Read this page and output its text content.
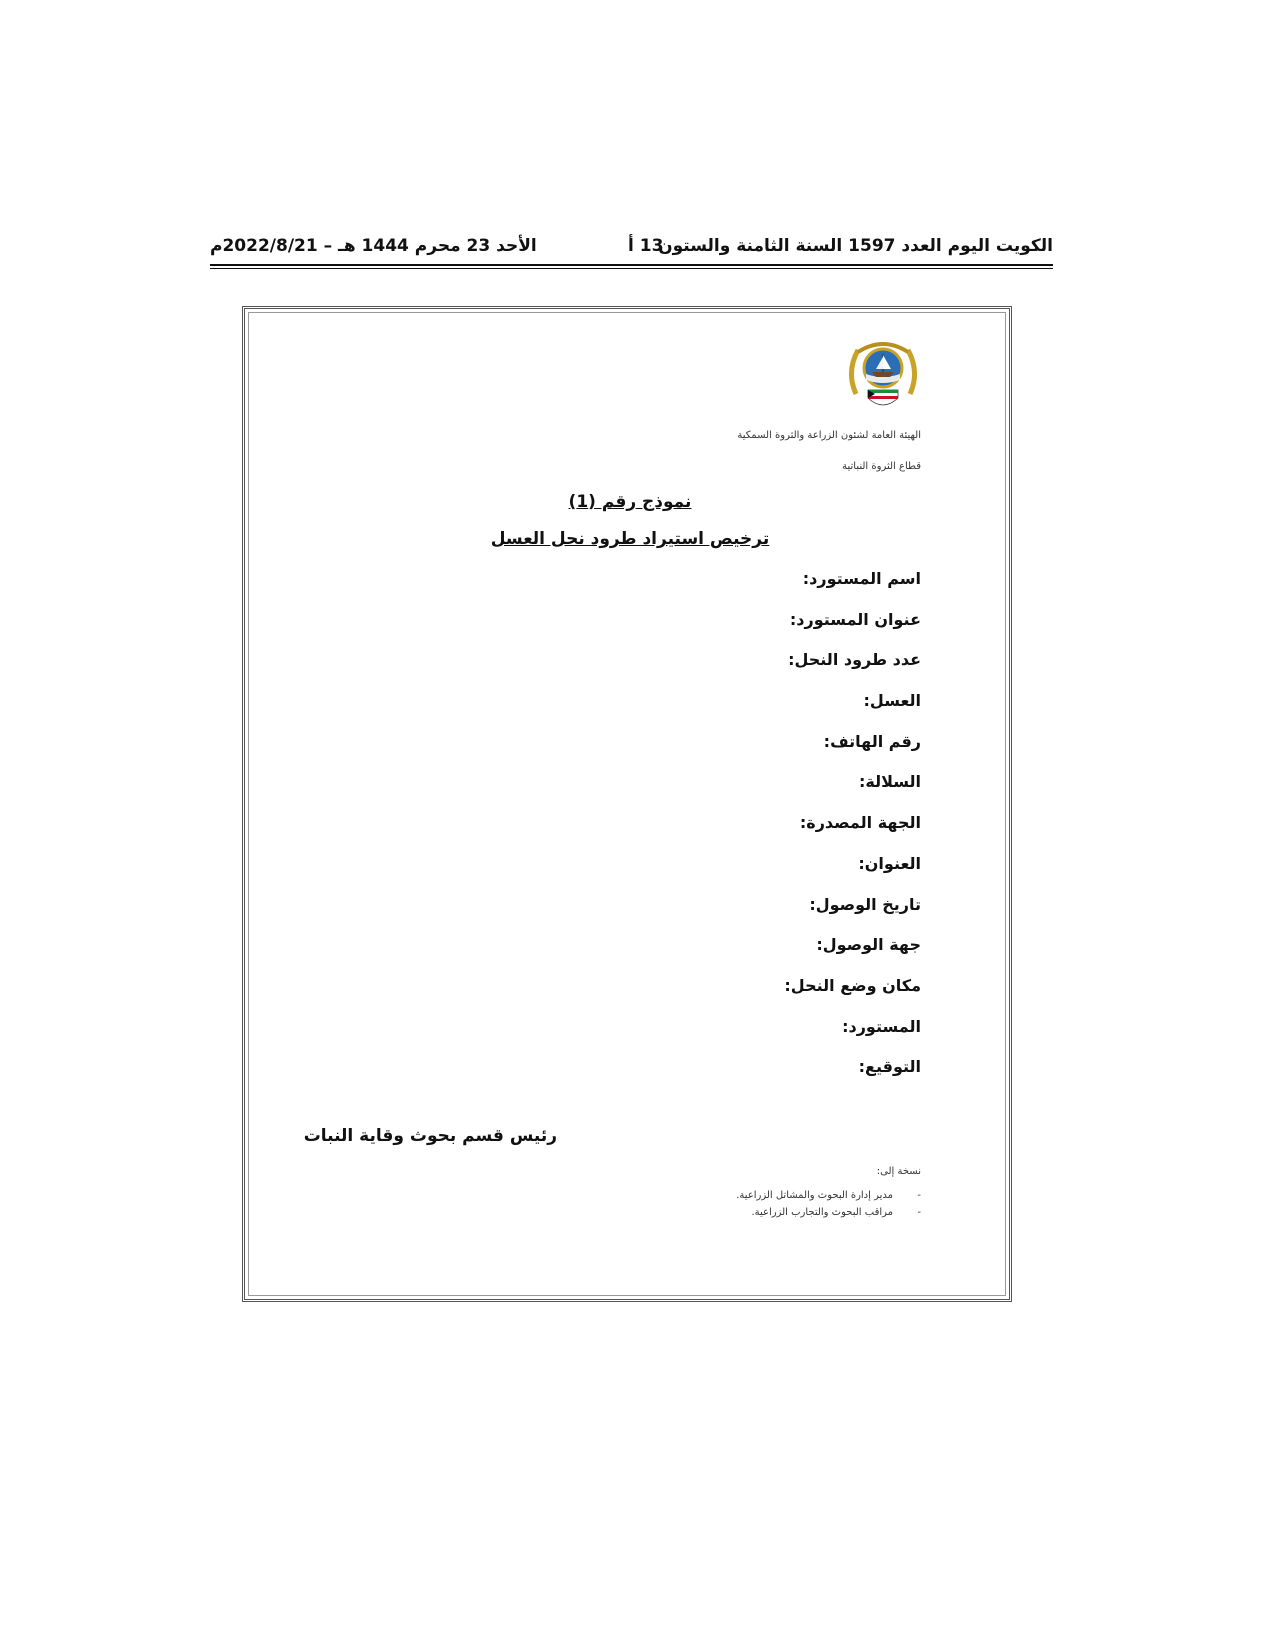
الكويت اليوم العدد 1597 السنة الثامنة والستون
13 أ
الأحد 23 محرم 1444 هـ – 2022/8/21م
الهيئة العامة لشئون الزراعة والثروة السمكية
قطاع الثروة النباتية
نموذج رقم (1)
ترخيص استيراد طرود نحل العسل
اسم المستورد:
عنوان المستورد:
عدد طرود النحل:
العسل:
رقم الهاتف:
السلالة:
الجهة المصدرة:
العنوان:
تاريخ الوصول:
جهة الوصول:
مكان وضع النحل:
المستورد:
التوقيع:
رئيس قسم بحوث وقاية النبات
نسخة إلى:
-مدير إدارة البحوث والمشاتل الزراعية.
-مراقب البحوث والتجارب الزراعية.
